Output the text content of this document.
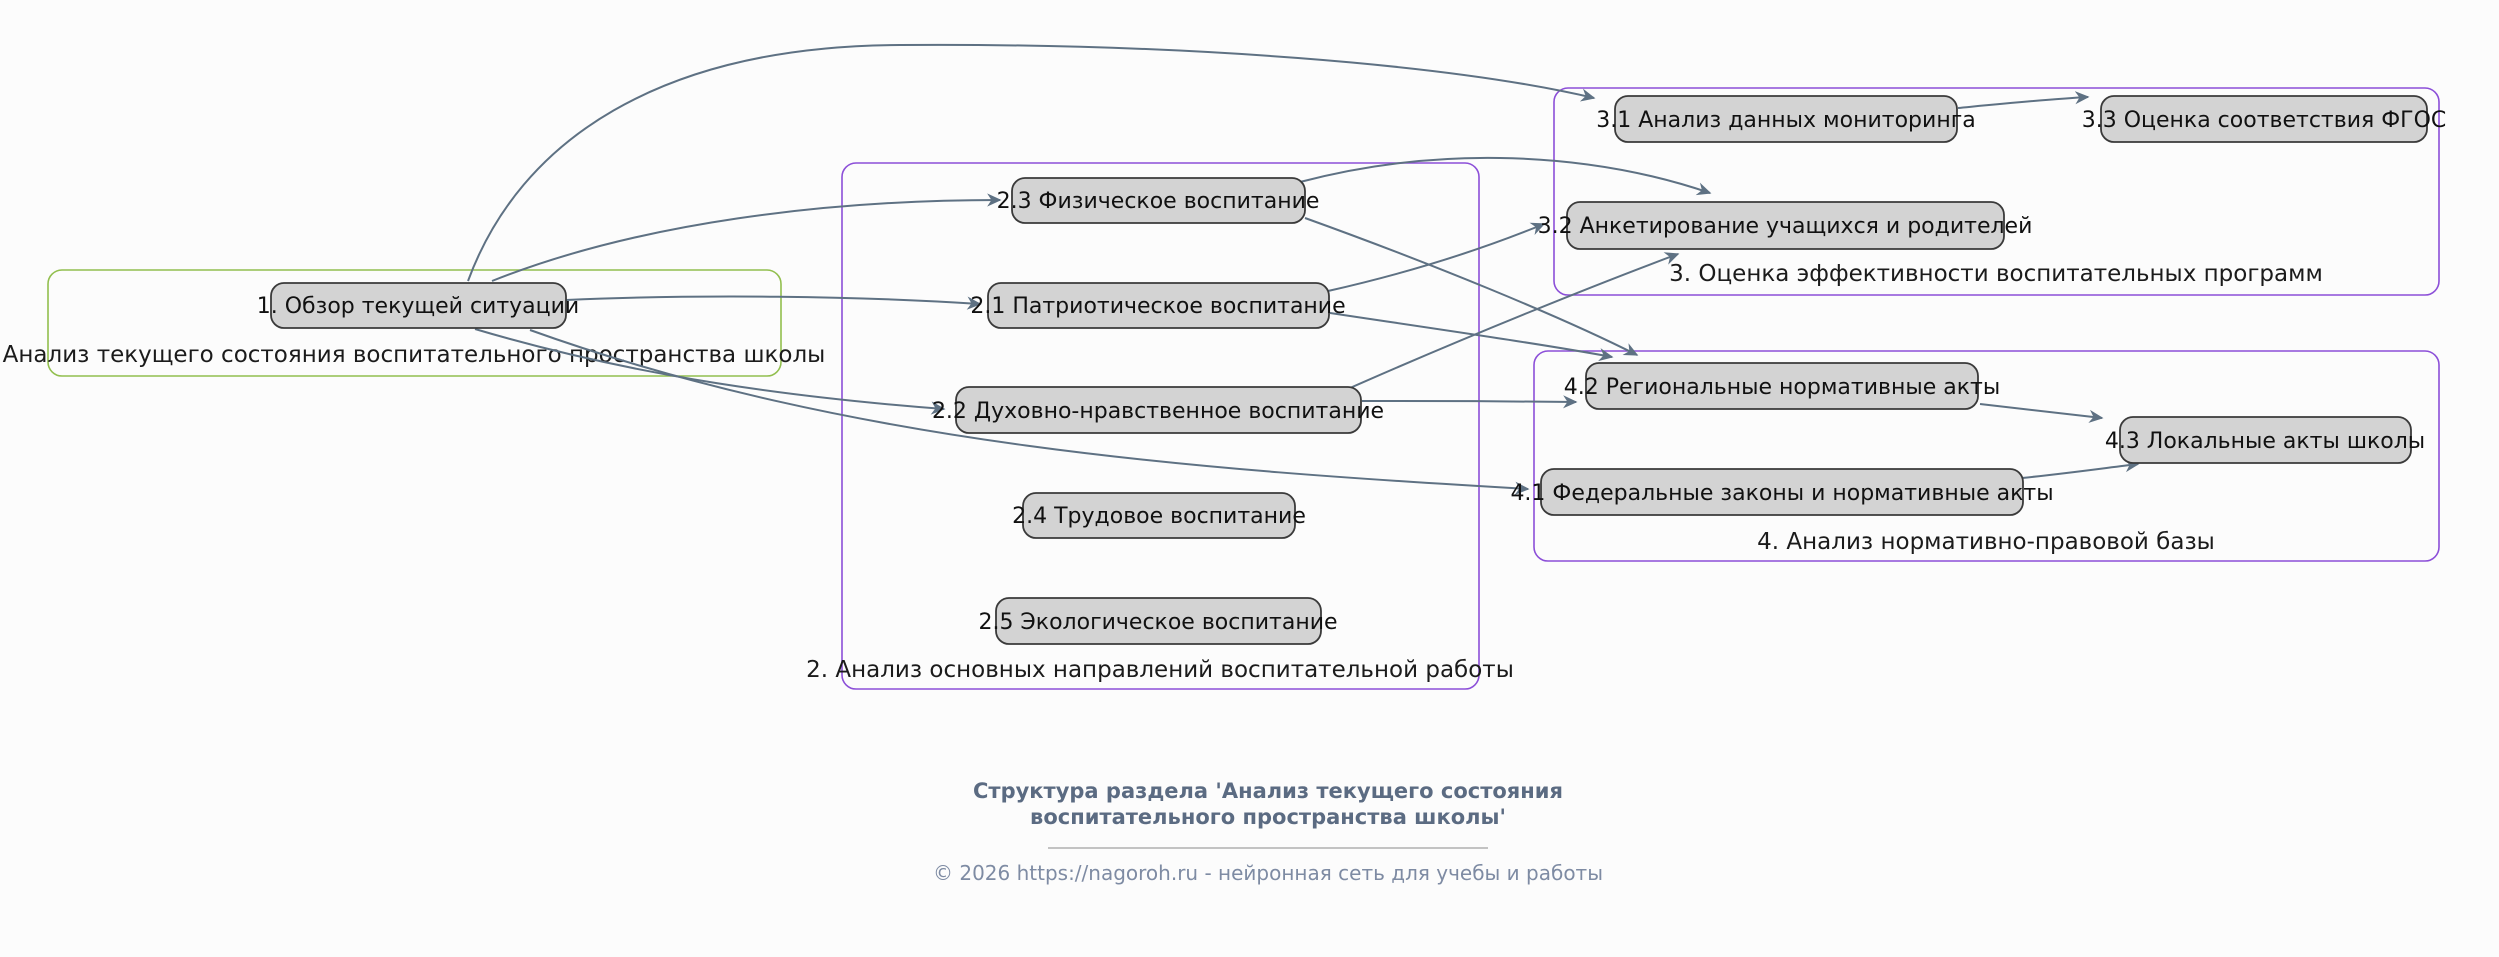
Анализ текущего состояния воспитательного пространства школы
2. Анализ основных направлений воспитательной работы
3. Оценка эффективности воспитательных программ
4. Анализ нормативно-правовой базы
1. Обзор текущей ситуации
2.3 Физическое воспитание
2.1 Патриотическое воспитание
2.2 Духовно-нравственное воспитание
2.4 Трудовое воспитание
2.5 Экологическое воспитание
3.1 Анализ данных мониторинга	3.3 Оценка соответствия ФГОС
3.2 Анкетирование учащихся и родителей
4.2 Региональные нормативные акты
4.3 Локальные акты школы
4.1 Федеральные законы и нормативные акты
Структура раздела 'Анализ текущего состояния
воспитательного пространства школы'
© 2026 https://nagoroh.ru - нейронная сеть для учебы и работы
